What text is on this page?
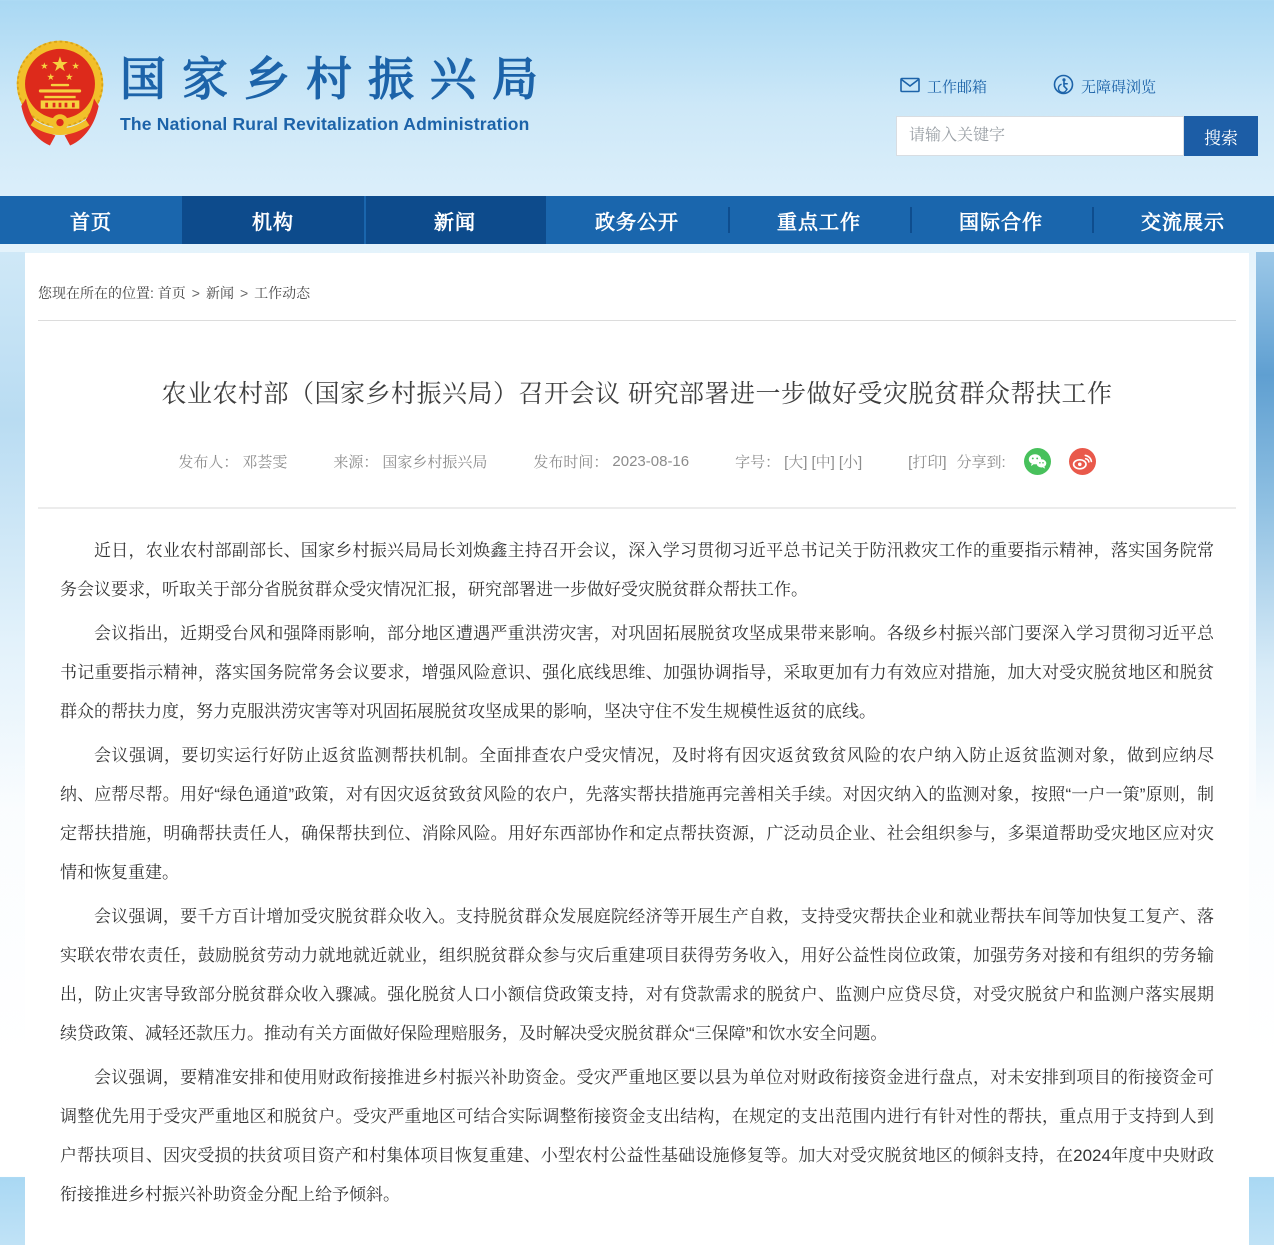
★
★ ★
★ ★ 国家乡村振兴局
The National Rural Revitalization Administration
工作邮箱	无障碍浏览
请输入关键字
搜索
首页	机构	新闻	政务公开	重点工作	国际合作	交流展示
您现在所在的位置: 首页 > 新闻 > 工作动态
农业农村部（国家乡村振兴局）召开会议 研究部署进一步做好受灾脱贫群众帮扶工作
发布人： 邓荟雯	来源： 国家乡村振兴局	发布时间： 2023-08-16	字号： [大] [中] [小]	[打印] 分享到:

近日，农业农村部副部长、国家乡村振兴局局长刘焕鑫主持召开会议，深入学习贯彻习近平总书记关于防汛救灾工作的重要指示精神，落实国务院常务会议要求，听取关于部分省脱贫群众受灾情况汇报，研究部署进一步做好受灾脱贫群众帮扶工作。

会议指出，近期受台风和强降雨影响，部分地区遭遇严重洪涝灾害，对巩固拓展脱贫攻坚成果带来影响。各级乡村振兴部门要深入学习贯彻习近平总书记重要指示精神，落实国务院常务会议要求，增强风险意识、强化底线思维、加强协调指导，采取更加有力有效应对措施，加大对受灾脱贫地区和脱贫群众的帮扶力度，努力克服洪涝灾害等对巩固拓展脱贫攻坚成果的影响，坚决守住不发生规模性返贫的底线。

会议强调，要切实运行好防止返贫监测帮扶机制。全面排查农户受灾情况，及时将有因灾返贫致贫风险的农户纳入防止返贫监测对象，做到应纳尽纳、应帮尽帮。用好“绿色通道”政策，对有因灾返贫致贫风险的农户，先落实帮扶措施再完善相关手续。对因灾纳入的监测对象，按照“一户一策”原则，制定帮扶措施，明确帮扶责任人，确保帮扶到位、消除风险。用好东西部协作和定点帮扶资源，广泛动员企业、社会组织参与，多渠道帮助受灾地区应对灾情和恢复重建。

会议强调，要千方百计增加受灾脱贫群众收入。支持脱贫群众发展庭院经济等开展生产自救，支持受灾帮扶企业和就业帮扶车间等加快复工复产、落实联农带农责任，鼓励脱贫劳动力就地就近就业，组织脱贫群众参与灾后重建项目获得劳务收入，用好公益性岗位政策，加强劳务对接和有组织的劳务输出，防止灾害导致部分脱贫群众收入骤减。强化脱贫人口小额信贷政策支持，对有贷款需求的脱贫户、监测户应贷尽贷，对受灾脱贫户和监测户落实展期续贷政策、减轻还款压力。推动有关方面做好保险理赔服务，及时解决受灾脱贫群众“三保障”和饮水安全问题。

会议强调，要精准安排和使用财政衔接推进乡村振兴补助资金。受灾严重地区要以县为单位对财政衔接资金进行盘点，对未安排到项目的衔接资金可调整优先用于受灾严重地区和脱贫户。受灾严重地区可结合实际调整衔接资金支出结构，在规定的支出范围内进行有针对性的帮扶，重点用于支持到人到户帮扶项目、因灾受损的扶贫项目资产和村集体项目恢复重建、小型农村公益性基础设施修复等。加大对受灾脱贫地区的倾斜支持，在2024年度中央财政衔接推进乡村振兴补助资金分配上给予倾斜。
